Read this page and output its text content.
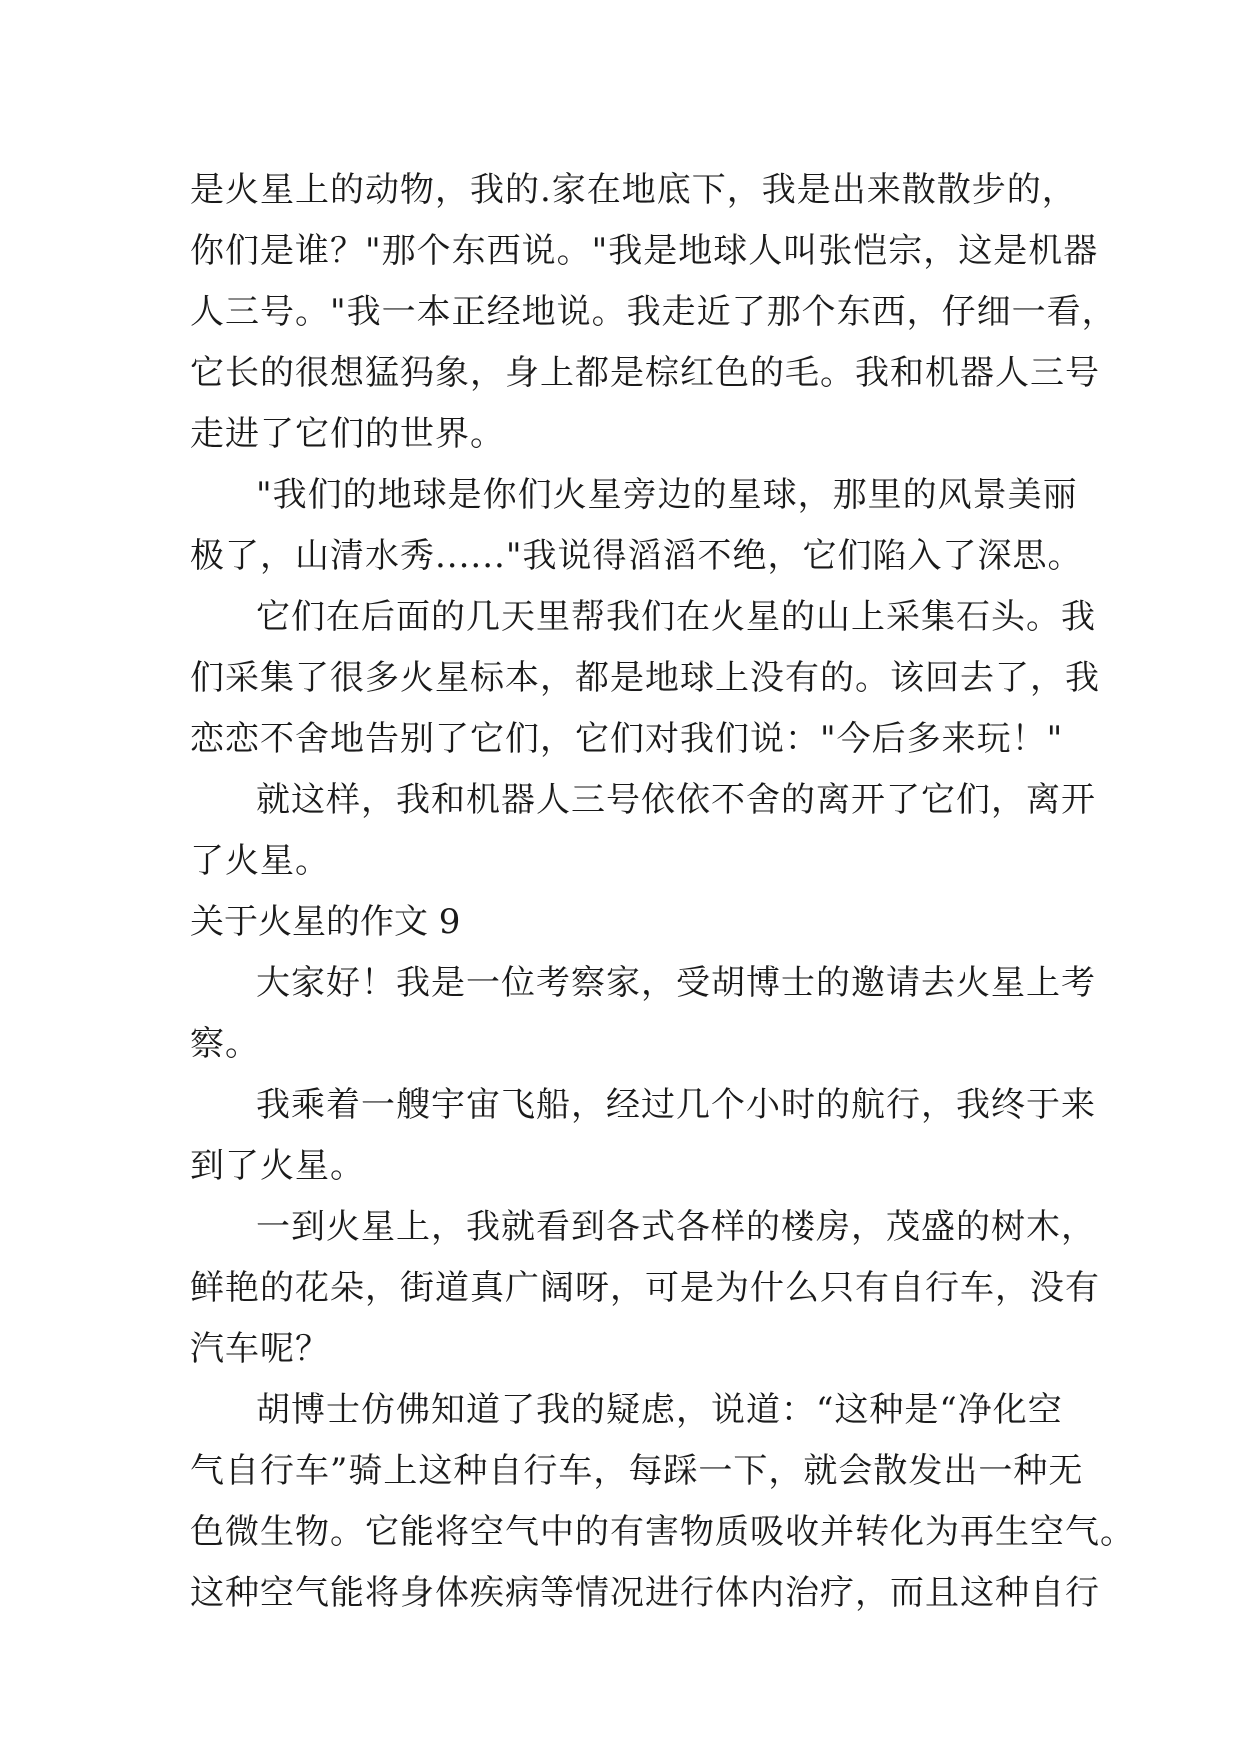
是火星上的动物，我的.家在地底下，我是出来散散步的，
你们是谁？"那个东西说。"我是地球人叫张恺宗，这是机器
人三号。"我一本正经地说。我走近了那个东西，仔细一看，
它长的很想猛犸象，身上都是棕红色的毛。我和机器人三号
走进了它们的世界。
"我们的地球是你们火星旁边的星球，那里的风景美丽
极了，山清水秀......"我说得滔滔不绝，它们陷入了深思。
它们在后面的几天里帮我们在火星的山上采集石头。我
们采集了很多火星标本，都是地球上没有的。该回去了，我
恋恋不舍地告别了它们，它们对我们说："今后多来玩！"
就这样，我和机器人三号依依不舍的离开了它们，离开
了火星。
关于火星的作文 9
大家好！我是一位考察家，受胡博士的邀请去火星上考
察。
我乘着一艘宇宙飞船，经过几个小时的航行，我终于来
到了火星。
一到火星上，我就看到各式各样的楼房，茂盛的树木，
鲜艳的花朵，街道真广阔呀，可是为什么只有自行车，没有
汽车呢？
胡博士仿佛知道了我的疑虑，说道：“这种是“净化空
气自行车”骑上这种自行车，每踩一下，就会散发出一种无
色微生物。它能将空气中的有害物质吸收并转化为再生空气。
这种空气能将身体疾病等情况进行体内治疗，而且这种自行
